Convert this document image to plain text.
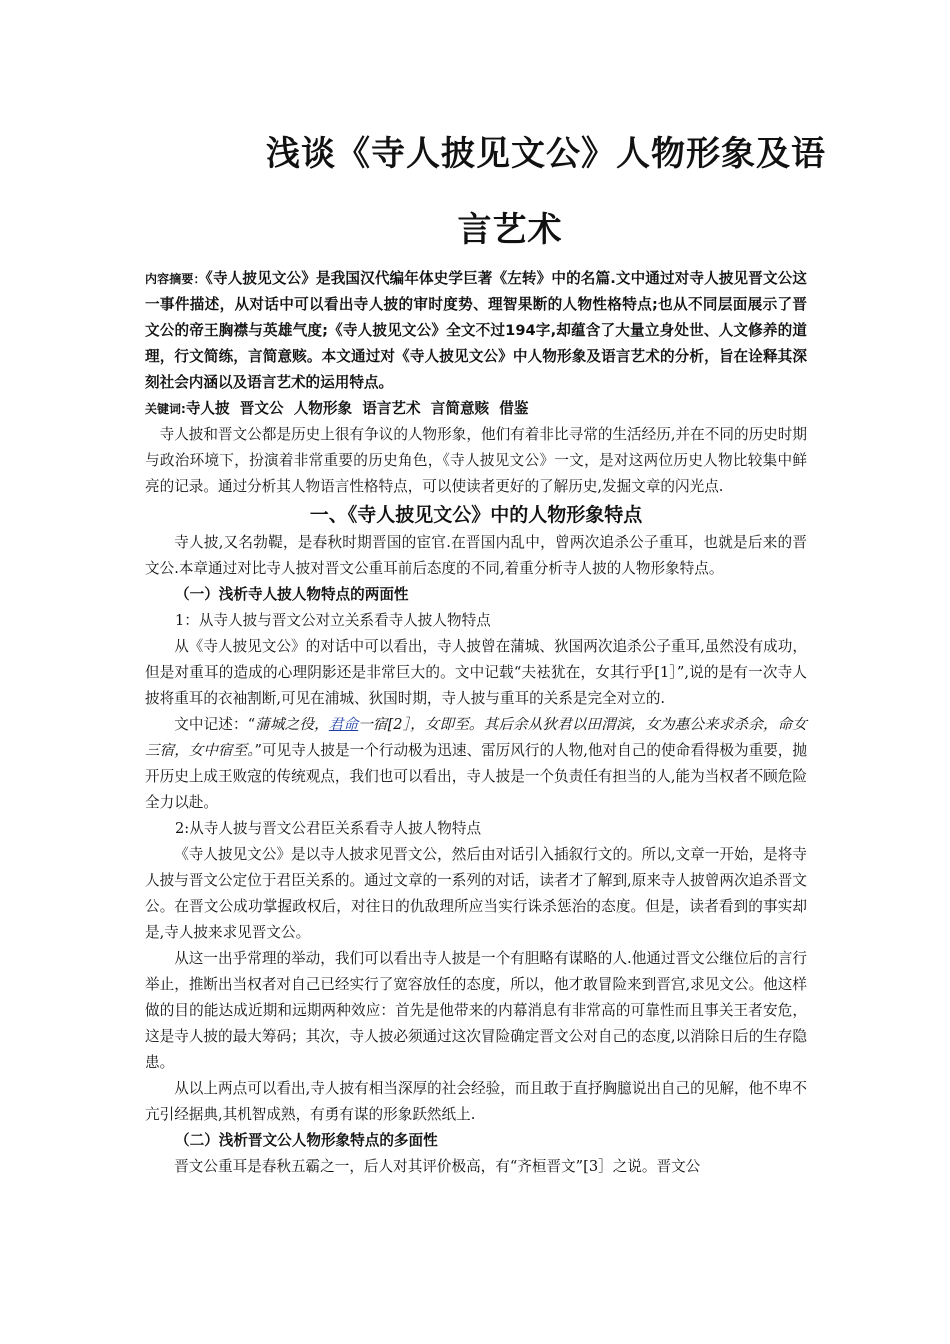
浅谈《寺人披见文公》人物形象及语
言艺术

内容摘要：《寺人披见文公》是我国汉代编年体史学巨著《左转》中的名篇.文中通过对寺人披见晋文公这一事件描述，从对话中可以看出寺人披的审时度势、理智果断的人物性格特点;也从不同层面展示了晋文公的帝王胸襟与英雄气度;《寺人披见文公》全文不过194字,却蕴含了大量立身处世、人文修养的道理，行文简练，言简意赅。本文通过对《寺人披见文公》中人物形象及语言艺术的分析，旨在诠释其深刻社会内涵以及语言艺术的运用特点。

关键词:寺人披  晋文公  人物形象  语言艺术  言简意赅  借鉴

寺人披和晋文公都是历史上很有争议的人物形象，他们有着非比寻常的生活经历,并在不同的历史时期与政治环境下，扮演着非常重要的历史角色，《寺人披见文公》一文，是对这两位历史人物比较集中鲜亮的记录。通过分析其人物语言性格特点，可以使读者更好的了解历史,发掘文章的闪光点.

一、《寺人披见文公》中的人物形象特点

寺人披,又名勃鞮，是春秋时期晋国的宦官.在晋国内乱中，曾两次追杀公子重耳，也就是后来的晋文公.本章通过对比寺人披对晋文公重耳前后态度的不同,着重分析寺人披的人物形象特点。

（一）浅析寺人披人物特点的两面性

1：从寺人披与晋文公对立关系看寺人披人物特点

从《寺人披见文公》的对话中可以看出，寺人披曾在蒲城、狄国两次追杀公子重耳,虽然没有成功，但是对重耳的造成的心理阴影还是非常巨大的。文中记载“夫袪犹在，女其行乎[1］”,说的是有一次寺人披将重耳的衣袖割断,可见在浦城、狄国时期，寺人披与重耳的关系是完全对立的.

文中记述：“蒲城之役，君命一宿[2］，女即至。其后余从狄君以田渭滨，女为惠公来求杀余，命女三宿，女中宿至。”可见寺人披是一个行动极为迅速、雷厉风行的人物,他对自己的使命看得极为重要，抛开历史上成王败寇的传统观点，我们也可以看出，寺人披是一个负责任有担当的人,能为当权者不顾危险全力以赴。

2:从寺人披与晋文公君臣关系看寺人披人物特点

《寺人披见文公》是以寺人披求见晋文公，然后由对话引入插叙行文的。所以,文章一开始，是将寺人披与晋文公定位于君臣关系的。通过文章的一系列的对话，读者才了解到,原来寺人披曾两次追杀晋文公。在晋文公成功掌握政权后，对往日的仇敌理所应当实行诛杀惩治的态度。但是，读者看到的事实却是,寺人披来求见晋文公。

从这一出乎常理的举动，我们可以看出寺人披是一个有胆略有谋略的人.他通过晋文公继位后的言行举止，推断出当权者对自己已经实行了宽容放任的态度，所以，他才敢冒险来到晋宫,求见文公。他这样做的目的能达成近期和远期两种效应：首先是他带来的内幕消息有非常高的可靠性而且事关王者安危，这是寺人披的最大筹码；其次，寺人披必须通过这次冒险确定晋文公对自己的态度,以消除日后的生存隐患。

从以上两点可以看出,寺人披有相当深厚的社会经验，而且敢于直抒胸臆说出自己的见解，他不卑不亢引经据典,其机智成熟，有勇有谋的形象跃然纸上.

（二）浅析晋文公人物形象特点的多面性

晋文公重耳是春秋五霸之一，后人对其评价极高，有“齐桓晋文”[3］之说。晋文公
